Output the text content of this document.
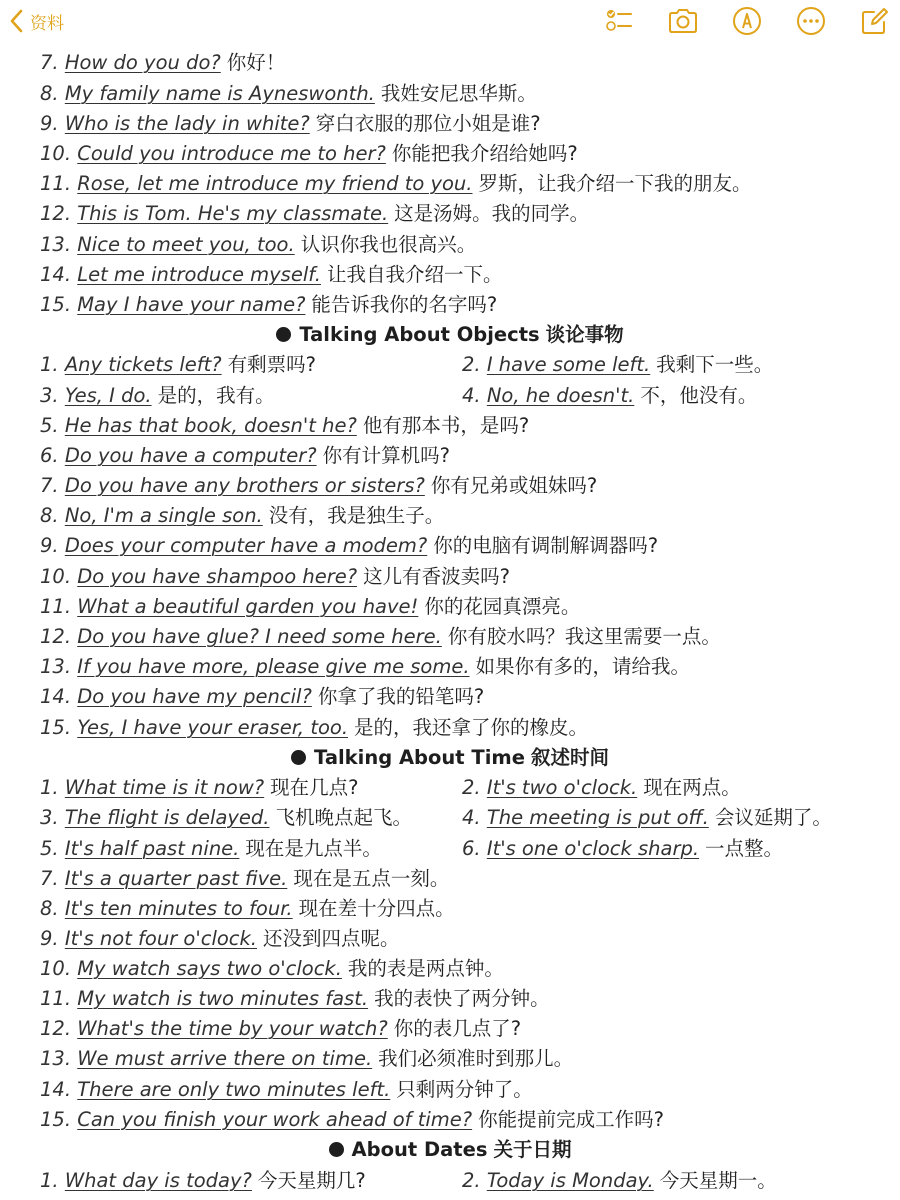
7. How do you do? 你好！
8. My family name is Ayneswonth. 我姓安尼思华斯。
9. Who is the lady in white? 穿白衣服的那位小姐是谁?
10. Could you introduce me to her? 你能把我介绍给她吗?
11. Rose, let me introduce my friend to you. 罗斯，让我介绍一下我的朋友。
12. This is Tom. He's my classmate. 这是汤姆。我的同学。
13. Nice to meet you, too. 认识你我也很高兴。
14. Let me introduce myself. 让我自我介绍一下。
15. May I have your name? 能告诉我你的名字吗?
Talking About Objects 谈论事物
1. Any tickets left? 有剩票吗?	2. I have some left. 我剩下一些。
3. Yes, I do. 是的，我有。	4. No, he doesn't. 不，他没有。
5. He has that book, doesn't he? 他有那本书，是吗?
6. Do you have a computer? 你有计算机吗?
7. Do you have any brothers or sisters? 你有兄弟或姐妹吗?
8. No, I'm a single son. 没有，我是独生子。
9. Does your computer have a modem? 你的电脑有调制解调器吗?
10. Do you have shampoo here? 这儿有香波卖吗?
11. What a beautiful garden you have! 你的花园真漂亮。
12. Do you have glue? I need some here. 你有胶水吗？我这里需要一点。
13. If you have more, please give me some. 如果你有多的，请给我。
14. Do you have my pencil? 你拿了我的铅笔吗?
15. Yes, I have your eraser, too. 是的，我还拿了你的橡皮。
Talking About Time 叙述时间
1. What time is it now? 现在几点?	2. It's two o'clock. 现在两点。
3. The flight is delayed. 飞机晚点起飞。	4. The meeting is put off. 会议延期了。
5. It's half past nine. 现在是九点半。	6. It's one o'clock sharp. 一点整。
7. It's a quarter past five. 现在是五点一刻。
8. It's ten minutes to four. 现在差十分四点。
9. It's not four o'clock. 还没到四点呢。
10. My watch says two o'clock. 我的表是两点钟。
11. My watch is two minutes fast. 我的表快了两分钟。
12. What's the time by your watch? 你的表几点了?
13. We must arrive there on time. 我们必须准时到那儿。
14. There are only two minutes left. 只剩两分钟了。
15. Can you finish your work ahead of time? 你能提前完成工作吗?
About Dates 关于日期
1. What day is today? 今天星期几?	2. Today is Monday. 今天星期一。
资料
